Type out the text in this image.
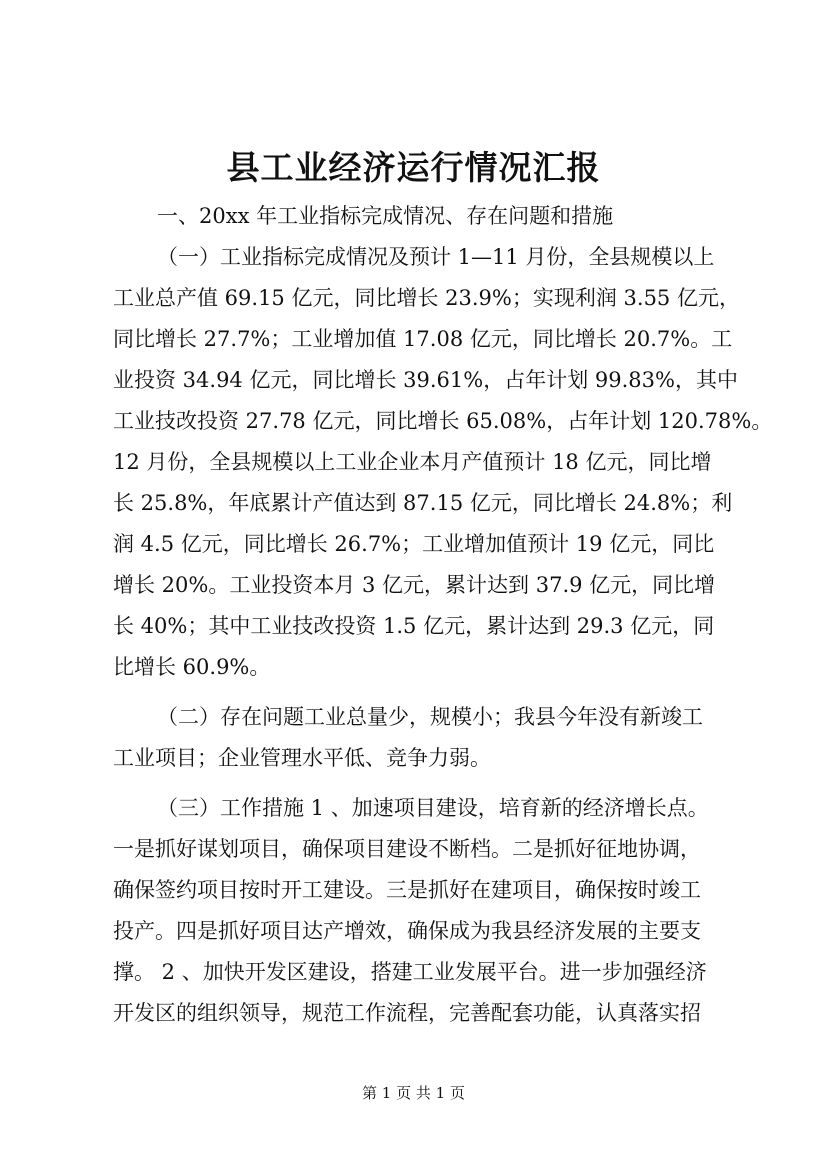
县工业经济运行情况汇报
一、20xx 年工业指标完成情况、存在问题和措施
（一）工业指标完成情况及预计 1—11 月份，全县规模以上
工业总产值 69.15 亿元，同比增长 23.9%；实现利润 3.55 亿元，
同比增长 27.7%；工业增加值 17.08 亿元，同比增长 20.7%。工
业投资 34.94 亿元，同比增长 39.61%，占年计划 99.83%，其中
工业技改投资 27.78 亿元，同比增长 65.08%，占年计划 120.78%。
12 月份，全县规模以上工业企业本月产值预计 18 亿元，同比增
长 25.8%，年底累计产值达到 87.15 亿元，同比增长 24.8%；利
润 4.5 亿元，同比增长 26.7%；工业增加值预计 19 亿元，同比
增长 20%。工业投资本月 3 亿元，累计达到 37.9 亿元，同比增
长 40%；其中工业技改投资 1.5 亿元，累计达到 29.3 亿元，同
比增长 60.9%。
（二）存在问题工业总量少，规模小；我县今年没有新竣工
工业项目；企业管理水平低、竞争力弱。
（三）工作措施 1 、加速项目建设，培育新的经济增长点。
一是抓好谋划项目，确保项目建设不断档。二是抓好征地协调，
确保签约项目按时开工建设。三是抓好在建项目，确保按时竣工
投产。四是抓好项目达产增效，确保成为我县经济发展的主要支
撑。 2 、加快开发区建设，搭建工业发展平台。进一步加强经济
开发区的组织领导，规范工作流程，完善配套功能，认真落实招
第 1 页 共 1 页
